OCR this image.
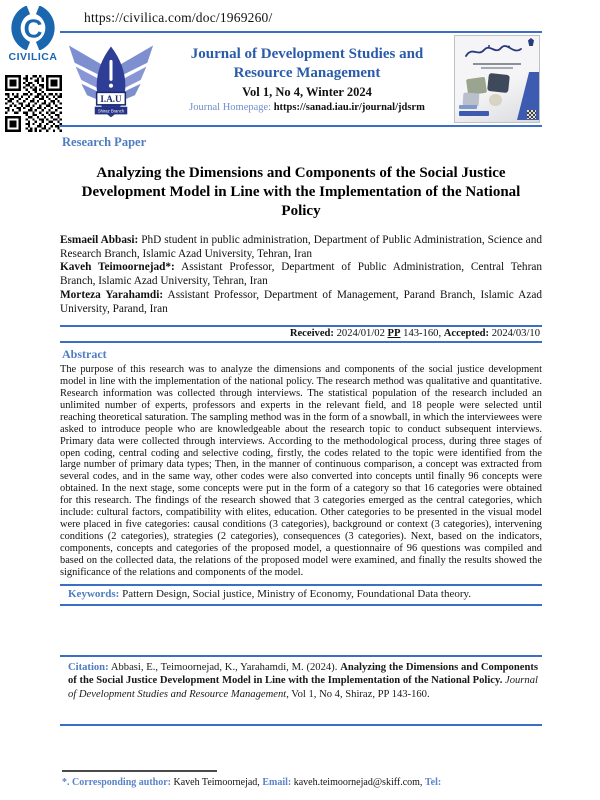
C
CIVILICA
https://civilica.com/doc/1969260/
I.A.U
Shiraz Branch
Journal of Development Studies and
Resource Management
Vol 1, No 4, Winter 2024
Journal Homepage: https://sanad.iau.ir/journal/jdsrm
Research Paper
Analyzing the Dimensions and Components of the Social Justice Development Model in Line with the Implementation of the National Policy
Esmaeil Abbasi: PhD student in public administration, Department of Public Administration, Science and Research Branch, Islamic Azad University, Tehran, Iran
Kaveh Teimoornejad*: Assistant Professor, Department of Public Administration, Central Tehran Branch, Islamic Azad University, Tehran, Iran
Morteza Yarahamdi: Assistant Professor, Department of Management, Parand Branch, Islamic Azad University, Parand, Iran
Received: 2024/01/02 PP 143-160, Accepted: 2024/03/10
Abstract
The purpose of this research was to analyze the dimensions and components of the social justice development model in line with the implementation of the national policy. The research method was qualitative and quantitative. Research information was collected through interviews. The statistical population of the research included an unlimited number of experts, professors and experts in the relevant field, and 18 people were selected until reaching theoretical saturation. The sampling method was in the form of a snowball, in which the interviewees were asked to introduce people who are knowledgeable about the research topic to conduct subsequent interviews. Primary data were collected through interviews. According to the methodological process, during three stages of open coding, central coding and selective coding, firstly, the codes related to the topic were identified from the large number of primary data types; Then, in the manner of continuous comparison, a concept was extracted from several codes, and in the same way, other codes were also converted into concepts until finally 96 concepts were obtained. In the next stage, some concepts were put in the form of a category so that 16 categories were obtained for this research. The findings of the research showed that 3 categories emerged as the central categories, which include: cultural factors, compatibility with elites, education. Other categories to be presented in the visual model were placed in five categories: causal conditions (3 categories), background or context (3 categories), intervening conditions (2 categories), strategies (2 categories), consequences (3 categories). Next, based on the indicators, components, concepts and categories of the proposed model, a questionnaire of 96 questions was compiled and based on the collected data, the relations of the proposed model were examined, and finally the results showed the significance of the relations and components of the model.
Keywords: Pattern Design, Social justice, Ministry of Economy, Foundational Data theory.
Citation: Abbasi, E., Teimoornejad, K., Yarahamdi, M. (2024). Analyzing the Dimensions and Components of the Social Justice Development Model in Line with the Implementation of the National Policy. Journal of Development Studies and Resource Management, Vol 1, No 4, Shiraz, PP 143-160.
*. Corresponding author: Kaveh Teimoornejad, Email: kaveh.teimoornejad@skiff.com, Tel:
